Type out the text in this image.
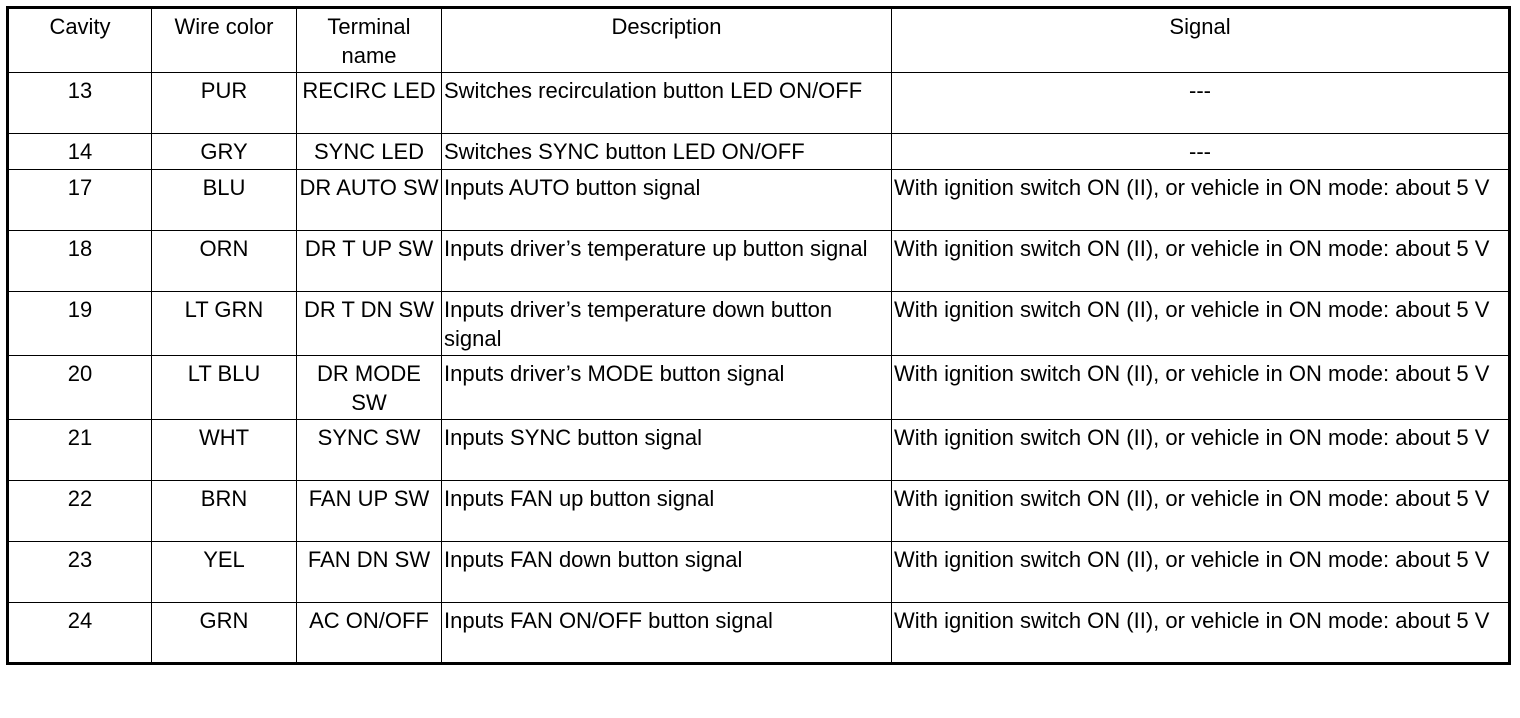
Cavity	Wire color	Terminal name	Description	Signal
13	PUR	RECIRC LED	Switches recirculation button LED ON/OFF	---
14	GRY	SYNC LED	Switches SYNC button LED ON/OFF	---
17	BLU	DR AUTO SW	Inputs AUTO button signal	With ignition switch ON (II), or vehicle in ON mode: about 5 V
18	ORN	DR T UP SW	Inputs driver’s temperature up button signal	With ignition switch ON (II), or vehicle in ON mode: about 5 V
19	LT GRN	DR T DN SW	Inputs driver’s temperature down button signal	With ignition switch ON (II), or vehicle in ON mode: about 5 V
20	LT BLU	DR MODE SW	Inputs driver’s MODE button signal	With ignition switch ON (II), or vehicle in ON mode: about 5 V
21	WHT	SYNC SW	Inputs SYNC button signal	With ignition switch ON (II), or vehicle in ON mode: about 5 V
22	BRN	FAN UP SW	Inputs FAN up button signal	With ignition switch ON (II), or vehicle in ON mode: about 5 V
23	YEL	FAN DN SW	Inputs FAN down button signal	With ignition switch ON (II), or vehicle in ON mode: about 5 V
24	GRN	AC ON/OFF	Inputs FAN ON/OFF button signal	With ignition switch ON (II), or vehicle in ON mode: about 5 V
